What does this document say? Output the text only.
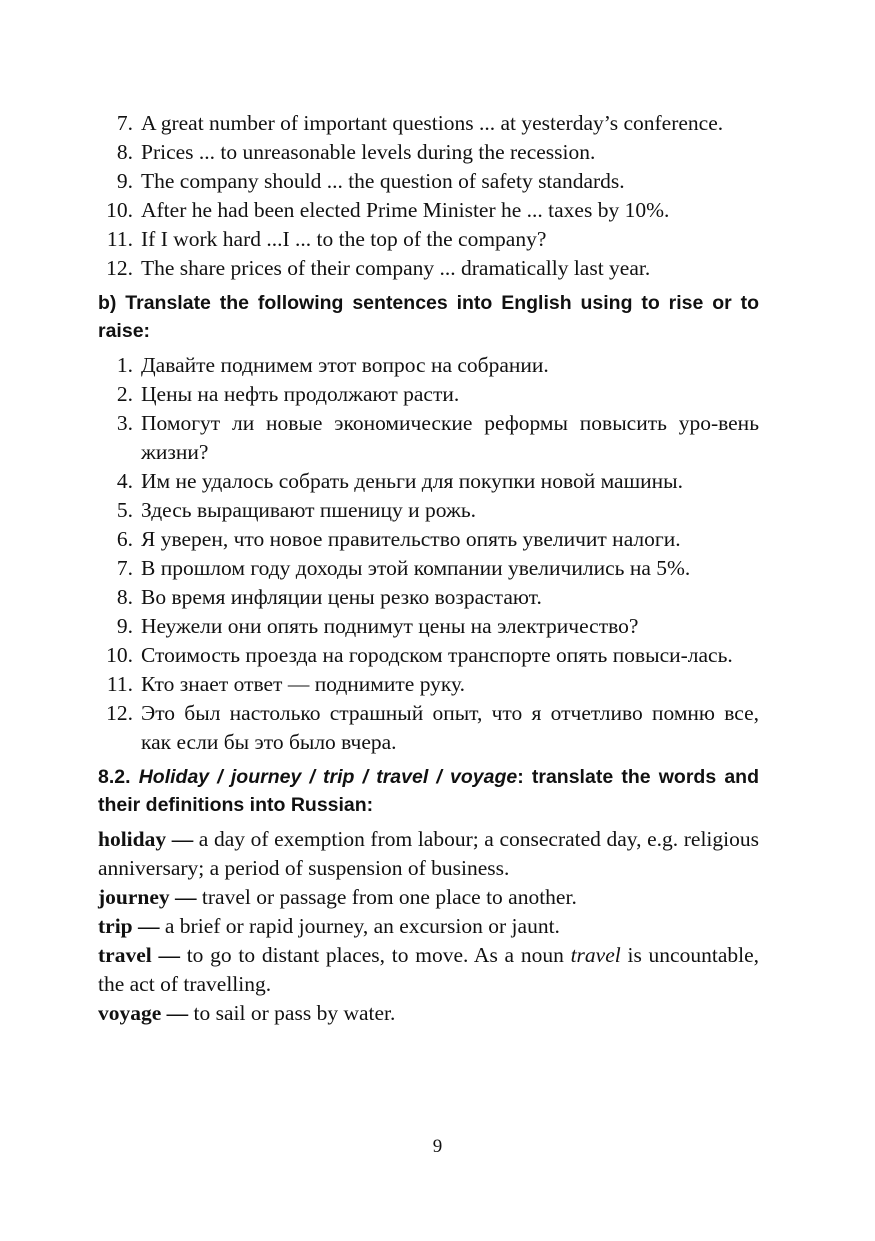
7. A great number of important questions ... at yesterday’s conference.
8. Prices ... to unreasonable levels during the recession.
9. The company should ... the question of safety standards.
10. After he had been elected Prime Minister he ... taxes by 10%.
11. If I work hard ...I ... to the top of the company?
12. The share prices of their company ... dramatically last year.
b) Translate the following sentences into English using to rise or to raise:
1. Давайте поднимем этот вопрос на собрании.
2. Цены на нефть продолжают расти.
3. Помогут ли новые экономические реформы повысить уро-вень жизни?
4. Им не удалось собрать деньги для покупки новой машины.
5. Здесь выращивают пшеницу и рожь.
6. Я уверен, что новое правительство опять увеличит налоги.
7. В прошлом году доходы этой компании увеличились на 5%.
8. Во время инфляции цены резко возрастают.
9. Неужели они опять поднимут цены на электричество?
10. Стоимость проезда на городском транспорте опять повыси-лась.
11. Кто знает ответ — поднимите руку.
12. Это был настолько страшный опыт, что я отчетливо помню все, как если бы это было вчера.
8.2. Holiday / journey / trip / travel / voyage: translate the words and their definitions into Russian:

holiday — a day of exemption from labour; a consecrated day, e.g. religious anniversary; a period of suspension of business.

journey — travel or passage from one place to another.

trip — a brief or rapid journey, an excursion or jaunt.

travel — to go to distant places, to move. As a noun travel is uncountable, the act of travelling.

voyage — to sail or pass by water.

9
